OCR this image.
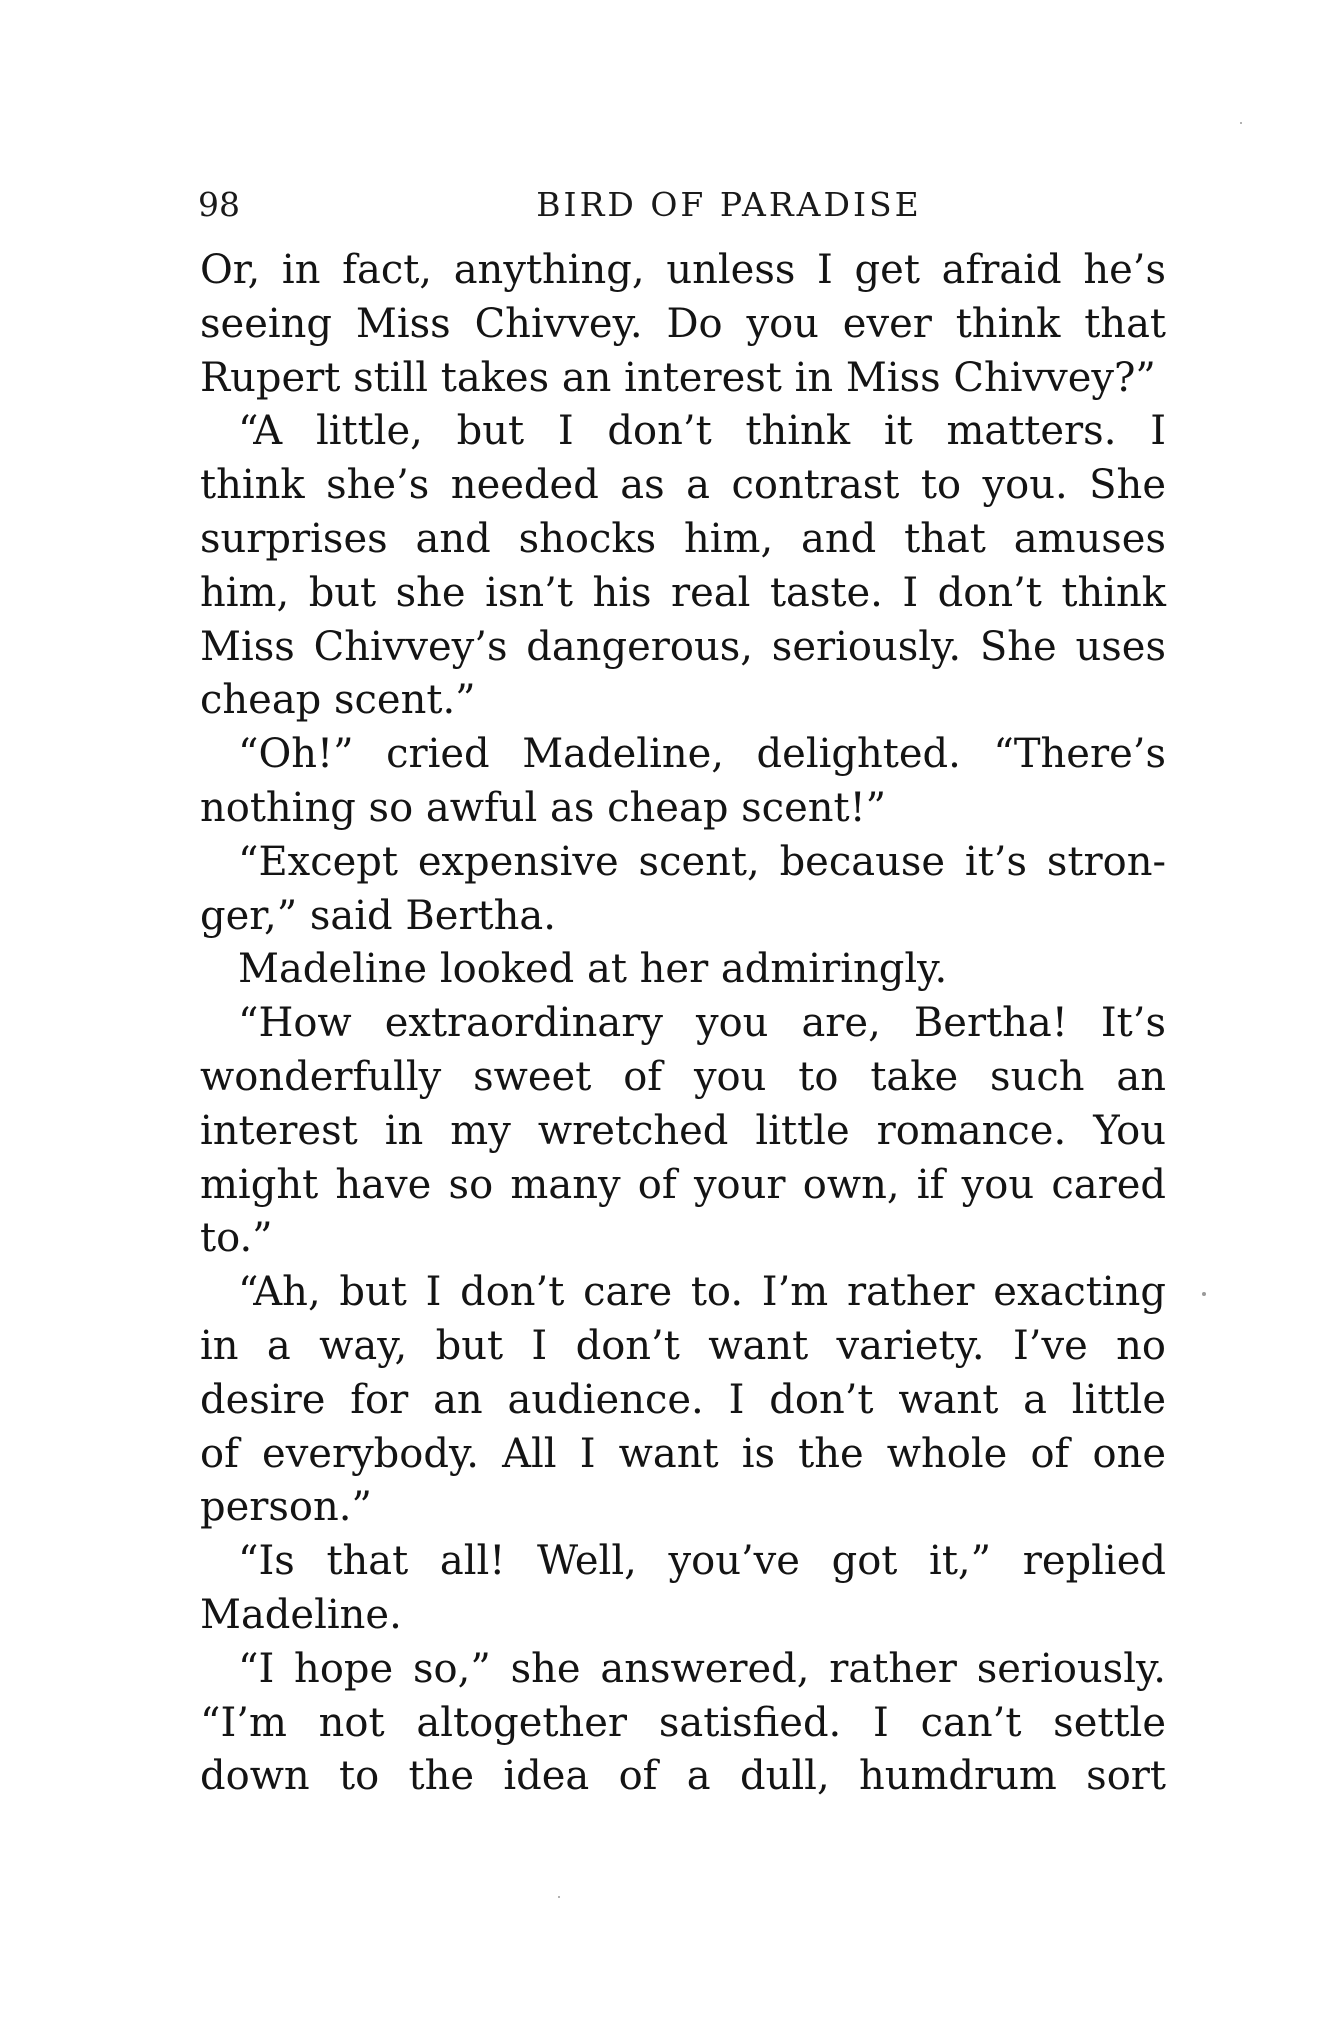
98	BIRD OF PARADISE
Or, in fact, anything, unless I get afraid he’s
seeing Miss Chivvey. Do you ever think that
Rupert still takes an interest in Miss Chivvey?”
“A little, but I don’t think it matters. I
think she’s needed as a contrast to you. She
surprises and shocks him, and that amuses
him, but she isn’t his real taste. I don’t think
Miss Chivvey’s dangerous, seriously. She uses
cheap scent.”
“Oh!” cried Madeline, delighted. “There’s
nothing so awful as cheap scent!”
“Except expensive scent, because it’s stron-
ger,” said Bertha.
Madeline looked at her admiringly.
“How extraordinary you are, Bertha! It’s
wonderfully sweet of you to take such an
interest in my wretched little romance. You
might have so many of your own, if you cared
to.”
“Ah, but I don’t care to. I’m rather exacting
in a way, but I don’t want variety. I’ve no
desire for an audience. I don’t want a little
of everybody. All I want is the whole of one
person.”
“Is that all! Well, you’ve got it,” replied
Madeline.
“I hope so,” she answered, rather seriously.
“I’m not altogether satisfied. I can’t settle
down to the idea of a dull, humdrum sort
